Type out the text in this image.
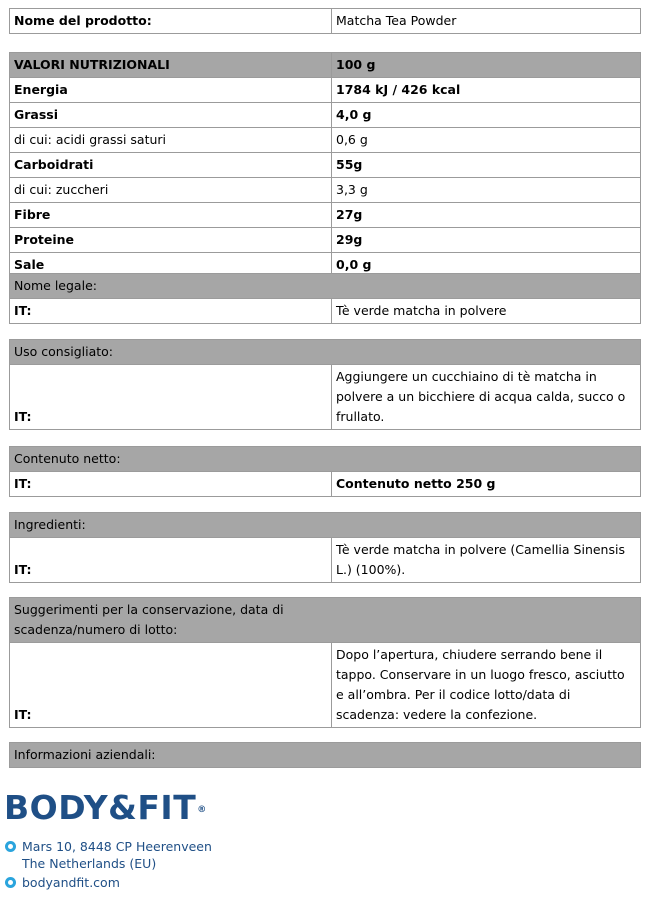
Nome del prodotto:	Matcha Tea Powder
VALORI NUTRIZIONALI	100 g
Energia	1784 kJ / 426 kcal
Grassi	4,0 g
di cui: acidi grassi saturi	0,6 g
Carboidrati	55g
di cui: zuccheri	3,3 g
Fibre	27g
Proteine	29g
Sale	0,0 g
Nome legale:
IT:	Tè verde matcha in polvere
Uso consigliato:
IT:	Aggiungere un cucchiaino di tè matcha in polvere a un bicchiere di acqua calda, succo o frullato.
Contenuto netto:
IT:	Contenuto netto 250 g
Ingredienti:
IT:	Tè verde matcha in polvere (Camellia Sinensis L.) (100%).
Suggerimenti per la conservazione, data di scadenza/numero di lotto:
IT:	Dopo l’apertura, chiudere serrando bene il tappo. Conservare in un luogo fresco, asciutto e all’ombra. Per il codice lotto/data di scadenza: vedere la confezione.
Informazioni aziendali:
BODY&FIT®
Mars 10, 8448 CP Heerenveen
The Netherlands (EU)
bodyandfit.com
